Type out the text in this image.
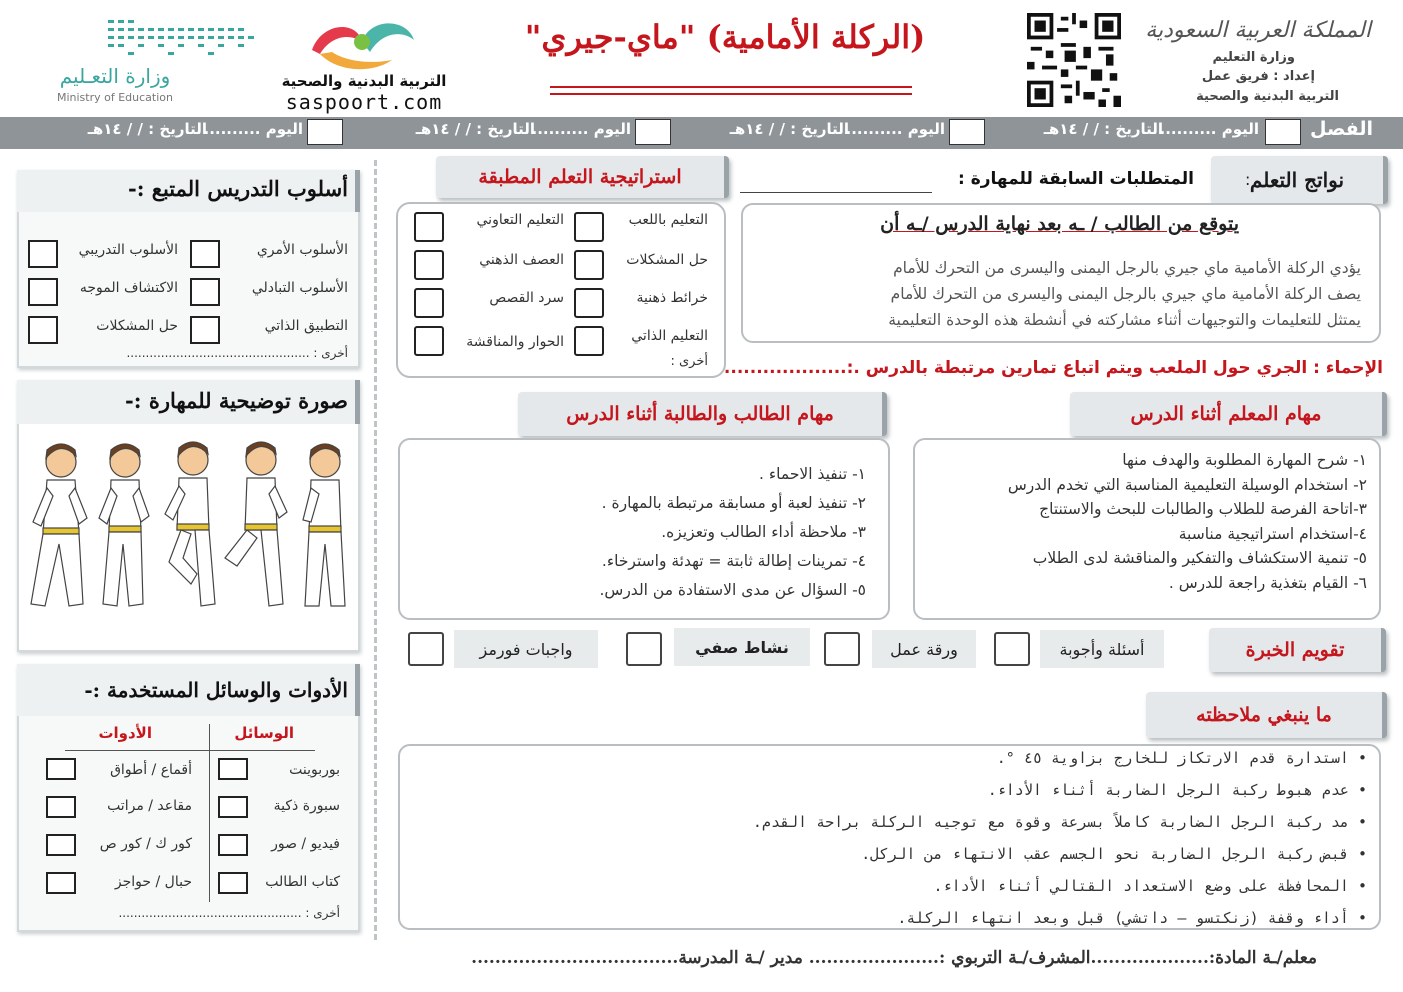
المملكة العربية السعودية
وزارة التعليم
إعداد : فريق عمل
التربية البدنية والصحية
(الركلة الأمامية) "ماي-جيري"
التربية البدنية والصحية
saspoort.com
وزارة التعـليم
Ministry of Education
الفصل
اليوم ..........
التاريخ : / / ١٤هـ
اليوم ..........
التاريخ : / / ١٤هـ
اليوم ..........
التاريخ : / / ١٤هـ
اليوم ..........
التاريخ : / / ١٤هـ
نواتج التعلم
:
المتطلبات السابقة للمهارة :
يتوقع من الطالب / ـه بعد نهاية الدرس /ـه أن
يؤدي الركلة الأمامية ماي جيري بالرجل اليمنى واليسرى من التحرك للأمام
يصف الركلة الأمامية ماي جيري بالرجل اليمنى واليسرى من التحرك للأمام
يمتثل للتعليمات والتوجيهات أثناء مشاركته في أنشطة هذه الوحدة التعليمية
استراتيجية التعلم المطبقة
التعليم باللعب
حل المشكلات
خرائط ذهنية
التعليم الذاتي
التعليم التعاوني
العصف الذهني
سرد القصص
الحوار والمناقشة
أخرى : الإحماء : الجري حول الملعب ويتم اتباع تمارين مرتبطة بالدرس .:...................
مهام المعلم أثناء الدرس
مهام الطالب والطالبة أثناء الدرس
١- شرح المهارة المطلوبة والهدف منها
٢- استخدام الوسيلة التعليمية المناسبة التي تخدم الدرس
٣-اتاحة الفرصة للطلاب والطالبات للبحث والاستنتاج
٤-استخدام استراتيجية مناسبة
٥- تنمية الاستكشاف والتفكير والمناقشة لدى الطلاب
٦- القيام بتغذية راجعة للدرس .
١- تنفيذ الاحماء .
٢- تنفيذ لعبة أو مسابقة مرتبطة بالمهارة .
٣- ملاحظة أداء الطالب وتعزيزه.
٤- تمرينات إطالة ثابتة = تهدئة واسترخاء.
٥- السؤال عن مدى الاستفادة من الدرس.
تقويم الخبرة
أسئلة وأجوبة
ورقة عمل
نشاط صفي
واجبات فورمز
ما ينبغي ملاحظته
• استدارة قدم الارتكاز للخارج بزاوية ٤٥ °.
• عدم هبوط ركبة الرجل الضاربة أثناء الأداء.
• مد ركبة الرجل الضاربة كاملاً بسرعة وقوة مع توجيه الركلة براحة القدم.
• قبض ركبة الرجل الضاربة نحو الجسم عقب الانتهاء من الركل.
• المحافظة على وضع الاستعداد القتالي أثناء الأداء.
• أداء وقفة (زنكتسو – داتشي) قبل وبعد انتهاء الركلة.
معلم/ـة المادة:....................المشرف/ـة التربوي :...................... مدير /ـة المدرسة...................................
أسلوب التدريس المتبع :-
الأسلوب الأمري
الأسلوب التبادلي
التطبيق الذاتي
الأسلوب التدريبي
الاكتشاف الموجه
حل المشكلات
أخرى : ................................................
صورة توضيحية للمهارة :-
الأدوات والوسائل المستخدمة :-
الوسائل
الأدوات
بوربوينت
سبورة ذكية
فيديو / صور
كتاب الطالب
أقماع / أطواق
مقاعد / مراتب
كور ك / كور ص
حبال / حواجز
أخرى : ................................................
